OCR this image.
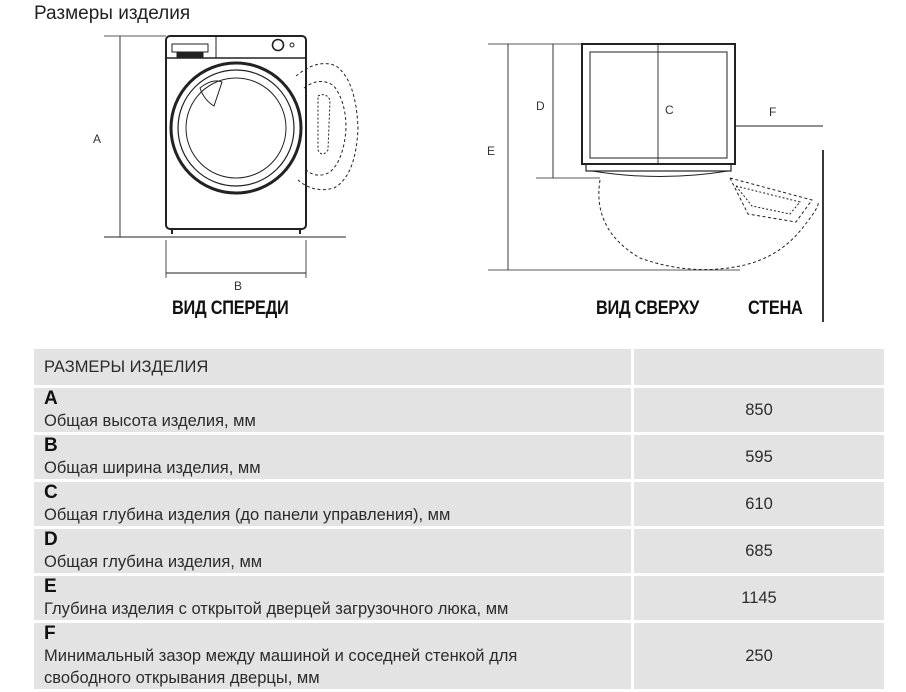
Размеры изделия
A
B
D	C
E
F
ВИД СПЕРЕДИ	ВИД СВЕРХУ	СТЕНА
РАЗМЕРЫ ИЗДЕЛИЯ	
AОбщая высота изделия, мм	850
BОбщая ширина изделия, мм	595
CОбщая глубина изделия (до панели управления), мм	610
DОбщая глубина изделия, мм	685
EГлубина изделия с открытой дверцей загрузочного люка, мм	1145
FМинимальный зазор между машиной и соседней стенкой для свободного открывания дверцы, мм	250
